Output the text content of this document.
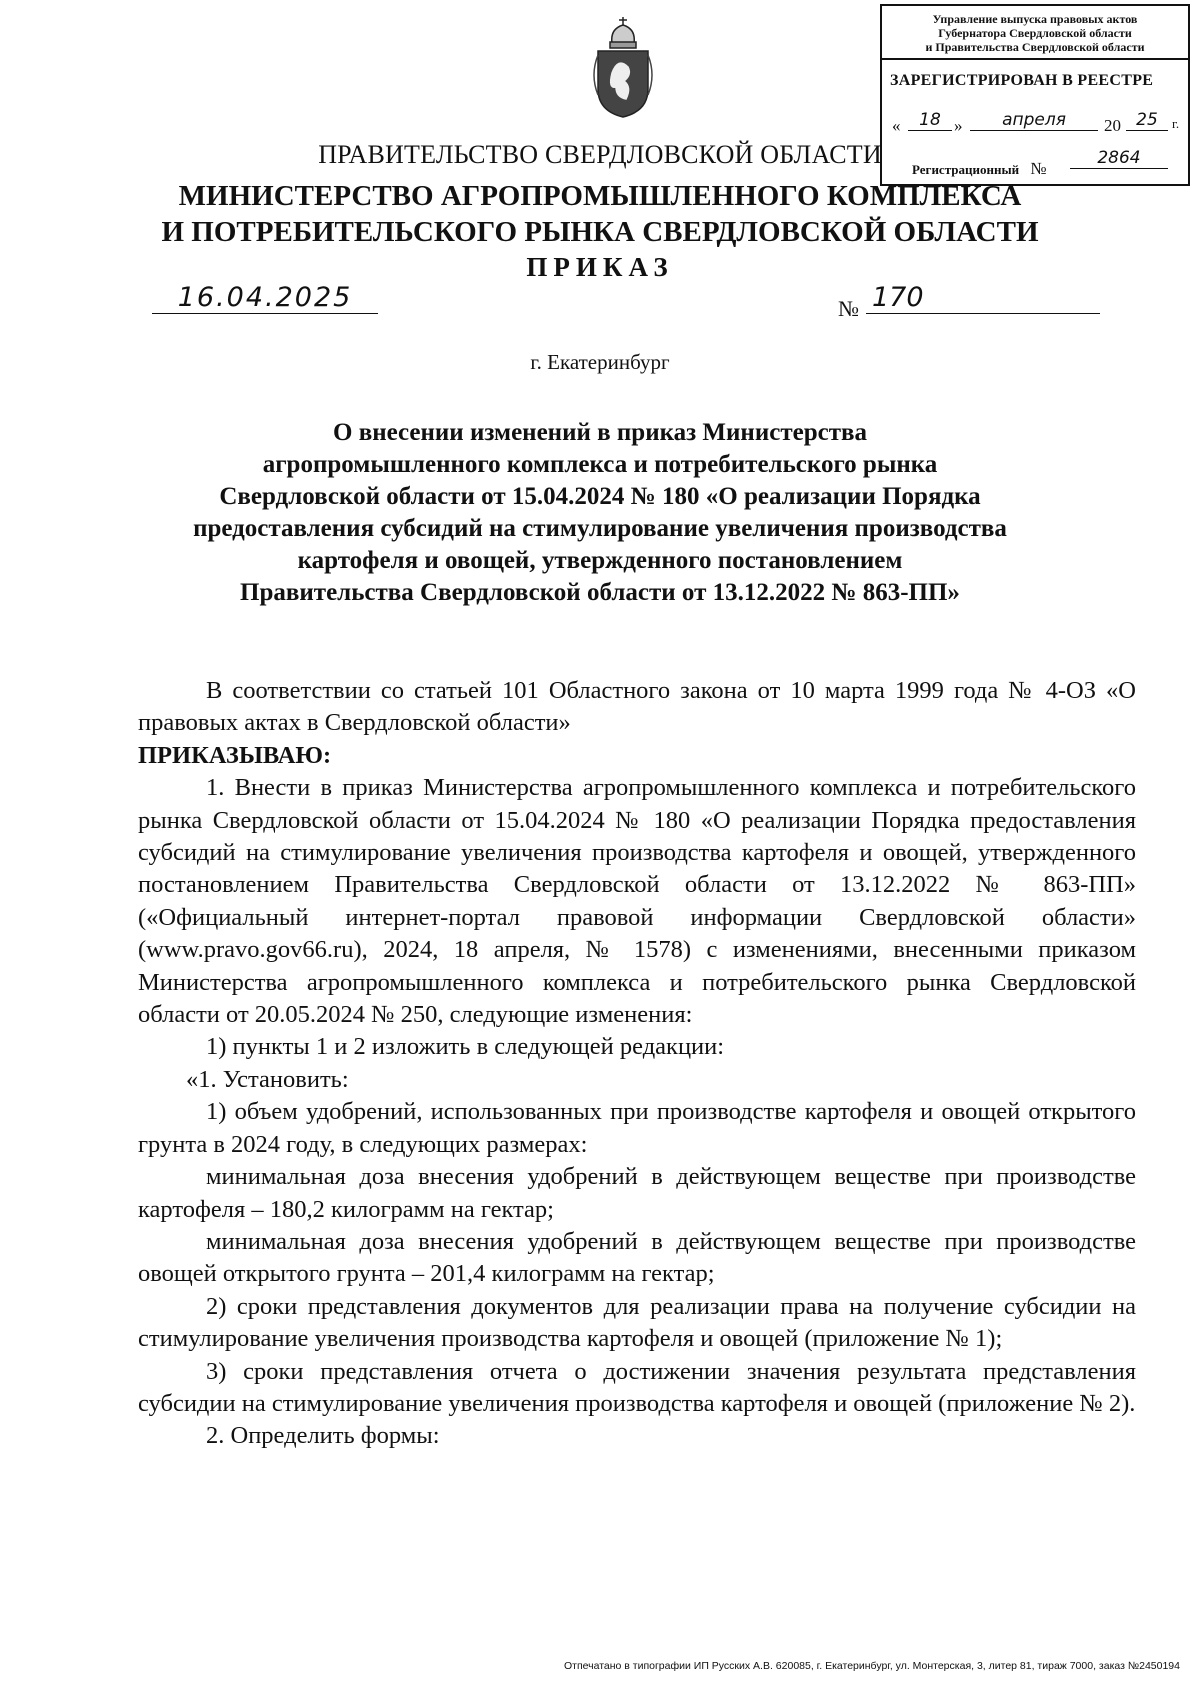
Управление выпуска правовых актов
Губернатора Свердловской области
и Правительства Свердловской области
ЗАРЕГИСТРИРОВАН В РЕЕСТРЕ
«	18 »	апреля	20 25	г.
Регистрационный №
2864
ПРАВИТЕЛЬСТВО СВЕРДЛОВСКОЙ ОБЛАСТИ
МИНИСТЕРСТВО АГРОПРОМЫШЛЕННОГО КОМПЛЕКСА
И ПОТРЕБИТЕЛЬСКОГО РЫНКА СВЕРДЛОВСКОЙ ОБЛАСТИ
ПРИКАЗ
16.04.2025	№ 170
г. Екатеринбург
О внесении изменений в приказ Министерства
агропромышленного комплекса и потребительского рынка
Свердловской области от 15.04.2024 № 180 «О реализации Порядка
предоставления субсидий на стимулирование увеличения производства
картофеля и овощей, утвержденного постановлением
Правительства Свердловской области от 13.12.2022 № 863-ПП»

В соответствии со статьей 101 Областного закона от 10 марта 1999 года № 4-ОЗ «О правовых актах в Свердловской области»

ПРИКАЗЫВАЮ:

1. Внести в приказ Министерства агропромышленного комплекса и потребительского рынка Свердловской области от 15.04.2024 № 180 «О реализации Порядка предоставления субсидий на стимулирование увеличения производства картофеля и овощей, утвержденного постановлением Правительства Свердловской области от 13.12.2022 № 863-ПП» («Официальный интернет-портал правовой информации Свердловской области» (www.pravo.gov66.ru), 2024, 18 апреля, № 1578) с изменениями, внесенными приказом Министерства агропромышленного комплекса и потребительского рынка Свердловской области от 20.05.2024 № 250, следующие изменения:

1) пункты 1 и 2 изложить в следующей редакции:

«1. Установить:

1) объем удобрений, использованных при производстве картофеля и овощей открытого грунта в 2024 году, в следующих размерах:

минимальная доза внесения удобрений в действующем веществе при производстве картофеля – 180,2 килограмм на гектар;

минимальная доза внесения удобрений в действующем веществе при производстве овощей открытого грунта – 201,4 килограмм на гектар;

2) сроки представления документов для реализации права на получение субсидии на стимулирование увеличения производства картофеля и овощей (приложение № 1);

3) сроки представления отчета о достижении значения результата представления субсидии на стимулирование увеличения производства картофеля и овощей (приложение № 2).

2. Определить формы:

Отпечатано в типографии ИП Русских А.В. 620085, г. Екатеринбург, ул. Монтерская, 3, литер 81, тираж 7000, заказ №2450194
